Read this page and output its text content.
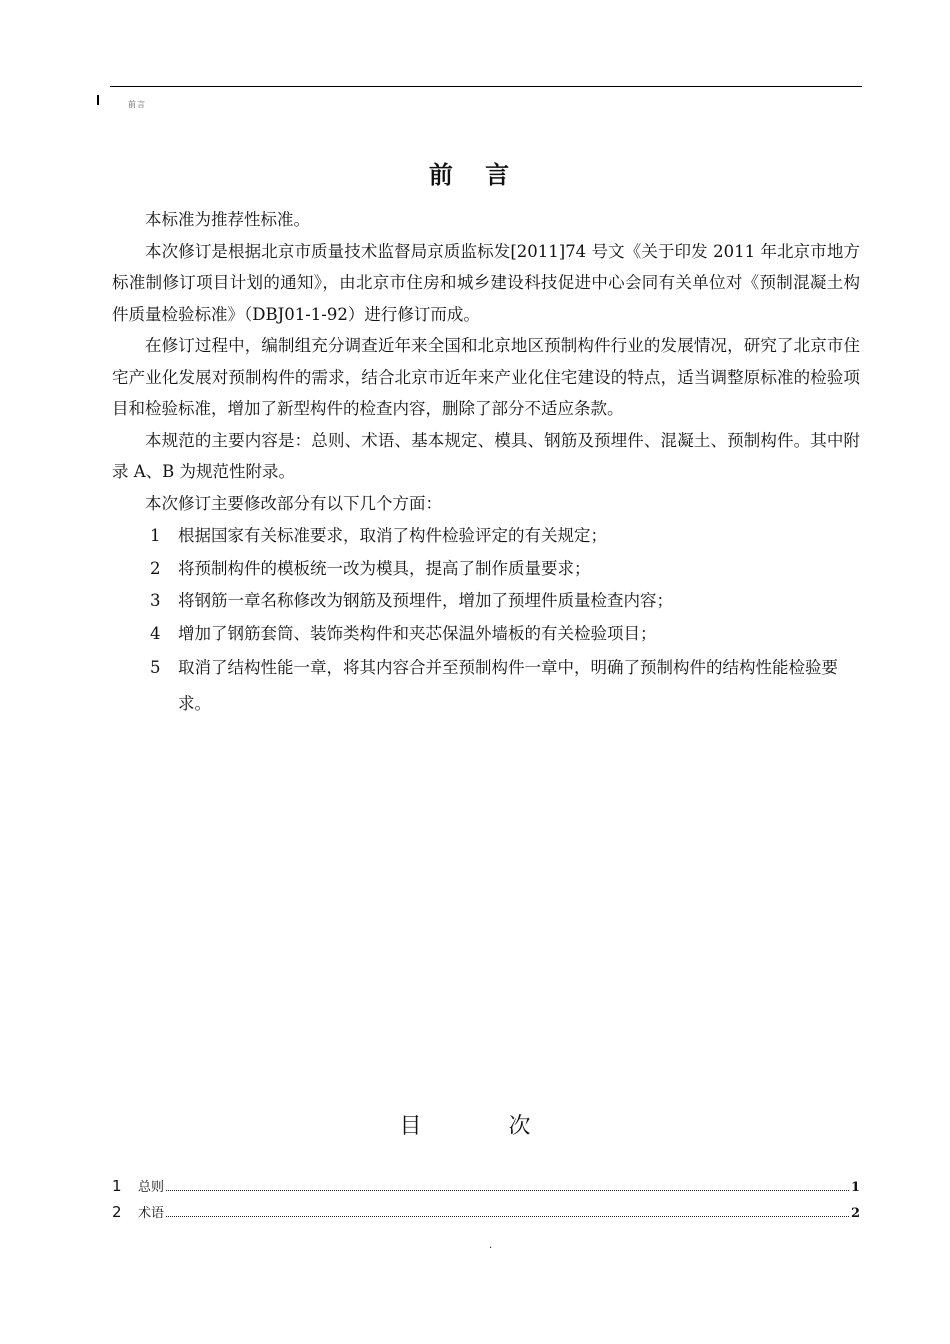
前言
前 言

本标准为推荐性标准。

本次修订是根据北京市质量技术监督局京质监标发[2011]74 号文《关于印发 2011 年北京市地方标准制修订项目计划的通知》，由北京市住房和城乡建设科技促进中心会同有关单位对《预制混凝土构件质量检验标准》（DBJ01-1-92）进行修订而成。

在修订过程中，编制组充分调查近年来全国和北京地区预制构件行业的发展情况，研究了北京市住宅产业化发展对预制构件的需求，结合北京市近年来产业化住宅建设的特点，适当调整原标准的检验项目和检验标准，增加了新型构件的检查内容，删除了部分不适应条款。

本规范的主要内容是：总则、术语、基本规定、模具、钢筋及预埋件、混凝土、预制构件。其中附录 A、B 为规范性附录。

本次修订主要修改部分有以下几个方面：

1	根据国家有关标准要求，取消了构件检验评定的有关规定；
2	将预制构件的模板统一改为模具，提高了制作质量要求；
3	将钢筋一章名称修改为钢筋及预埋件，增加了预埋件质量检查内容；
4	增加了钢筋套筒、装饰类构件和夹芯保温外墙板的有关检验项目；
5	取消了结构性能一章，将其内容合并至预制构件一章中，明确了预制构件的结构性能检验要求。
目 次
1	总则	1
2	术语	2
.
